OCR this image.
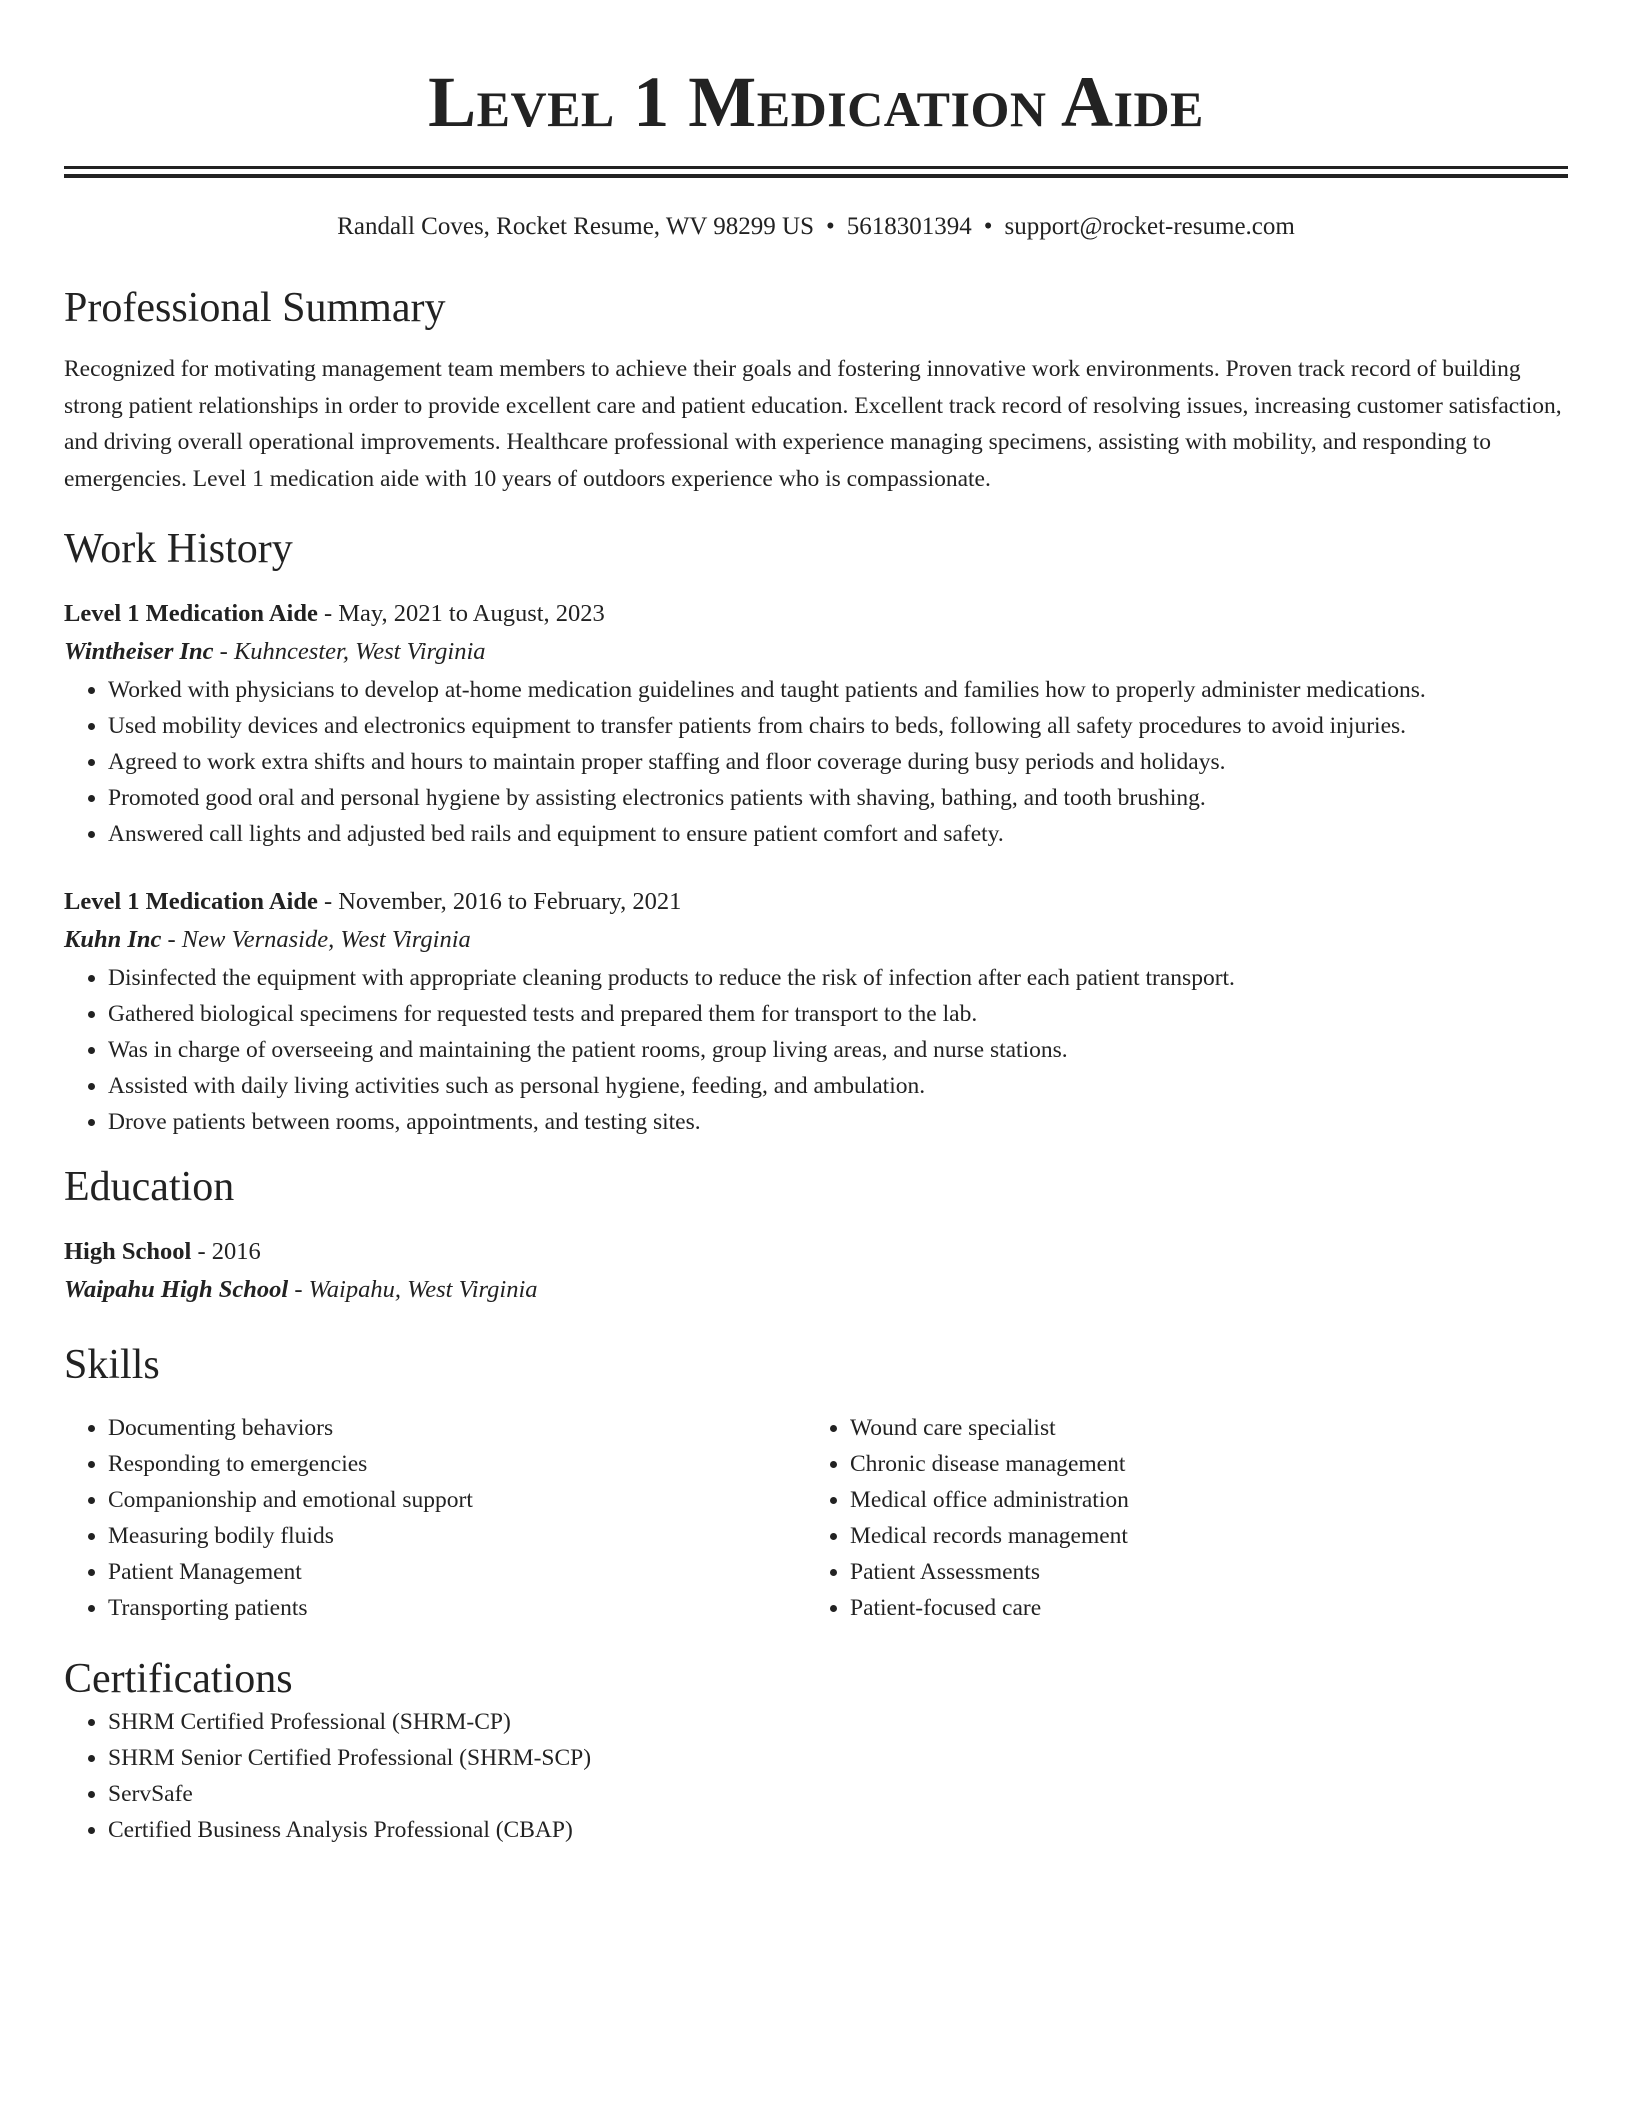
Level 1 Medication Aide
Randall Coves, Rocket Resume, WV 98299 US • 5618301394 • support@rocket-resume.com
Professional Summary
Recognized for motivating management team members to achieve their goals and fostering innovative work environments. Proven track record of building strong patient relationships in order to provide excellent care and patient education. Excellent track record of resolving issues, increasing customer satisfaction, and driving overall operational improvements. Healthcare professional with experience managing specimens, assisting with mobility, and responding to emergencies. Level 1 medication aide with 10 years of outdoors experience who is compassionate.
Work History
Level 1 Medication Aide - May, 2021 to August, 2023
Wintheiser Inc - Kuhncester, West Virginia
• Worked with physicians to develop at-home medication guidelines and taught patients and families how to properly administer medications.
• Used mobility devices and electronics equipment to transfer patients from chairs to beds, following all safety procedures to avoid injuries.
• Agreed to work extra shifts and hours to maintain proper staffing and floor coverage during busy periods and holidays.
• Promoted good oral and personal hygiene by assisting electronics patients with shaving, bathing, and tooth brushing.
• Answered call lights and adjusted bed rails and equipment to ensure patient comfort and safety.
Level 1 Medication Aide - November, 2016 to February, 2021
Kuhn Inc - New Vernaside, West Virginia
• Disinfected the equipment with appropriate cleaning products to reduce the risk of infection after each patient transport.
• Gathered biological specimens for requested tests and prepared them for transport to the lab.
• Was in charge of overseeing and maintaining the patient rooms, group living areas, and nurse stations.
• Assisted with daily living activities such as personal hygiene, feeding, and ambulation.
• Drove patients between rooms, appointments, and testing sites.
Education
High School - 2016
Waipahu High School - Waipahu, West Virginia
Skills
• Documenting behaviors
• Responding to emergencies
• Companionship and emotional support
• Measuring bodily fluids
• Patient Management
• Transporting patients
• Wound care specialist
• Chronic disease management
• Medical office administration
• Medical records management
• Patient Assessments
• Patient-focused care
Certifications
• SHRM Certified Professional (SHRM-CP)
• SHRM Senior Certified Professional (SHRM-SCP)
• ServSafe
• Certified Business Analysis Professional (CBAP)
